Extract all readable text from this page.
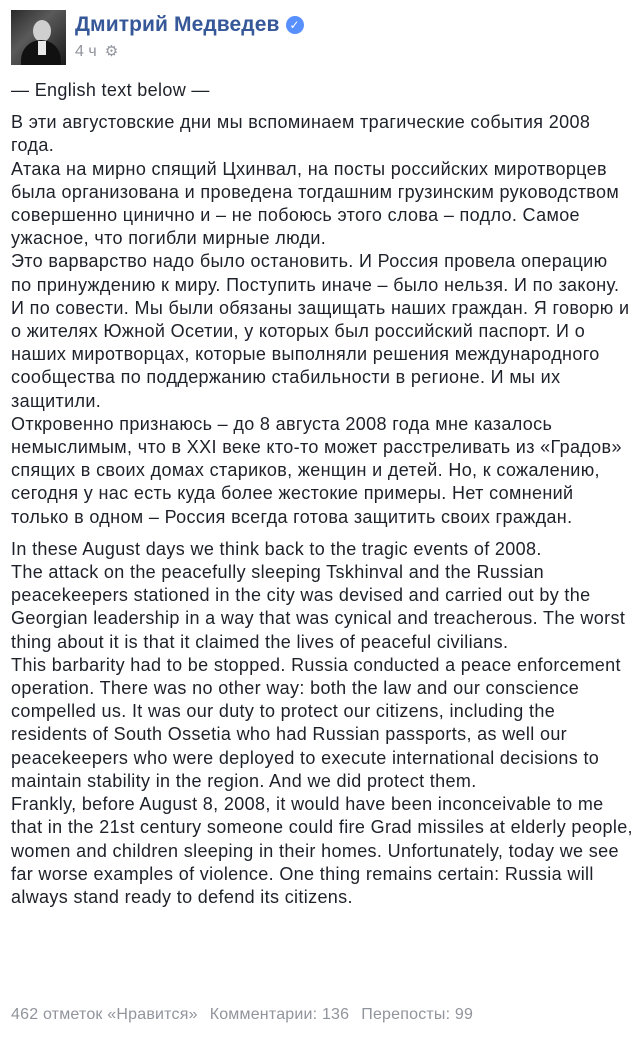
Дмитрий Медведев ✓
4 ч ⚙

— English text below —

В эти августовские дни мы вспоминаем трагические события 2008 года.

Атака на мирно спящий Цхинвал, на посты российских миротворцев была организована и проведена тогдашним грузинским руководством совершенно цинично и – не побоюсь этого слова – подло. Самое ужасное, что погибли мирные люди.

Это варварство надо было остановить. И Россия провела операцию по принуждению к миру. Поступить иначе – было нельзя. И по закону. И по совести. Мы были обязаны защищать наших граждан. Я говорю и о жителях Южной Осетии, у которых был российский паспорт. И о наших миротворцах, которые выполняли решения международного сообщества по поддержанию стабильности в регионе. И мы их защитили.

Откровенно признаюсь – до 8 августа 2008 года мне казалось немыслимым, что в XXI веке кто-то может расстреливать из «Градов» спящих в своих домах стариков, женщин и детей. Но, к сожалению, сегодня у нас есть куда более жестокие примеры. Нет сомнений только в одном – Россия всегда готова защитить своих граждан.

In these August days we think back to the tragic events of 2008.

The attack on the peacefully sleeping Tskhinval and the Russian peacekeepers stationed in the city was devised and carried out by the Georgian leadership in a way that was cynical and treacherous. The worst thing about it is that it claimed the lives of peaceful civilians.

This barbarity had to be stopped. Russia conducted a peace enforcement operation. There was no other way: both the law and our conscience compelled us. It was our duty to protect our citizens, including the residents of South Ossetia who had Russian passports, as well our peacekeepers who were deployed to execute international decisions to maintain stability in the region. And we did protect them.

Frankly, before August 8, 2008, it would have been inconceivable to me that in the 21st century someone could fire Grad missiles at elderly people, women and children sleeping in their homes. Unfortunately, today we see far worse examples of violence. One thing remains certain: Russia will always stand ready to defend its citizens.

462 отметок «Нравится» Комментарии: 136 Перепосты: 99
